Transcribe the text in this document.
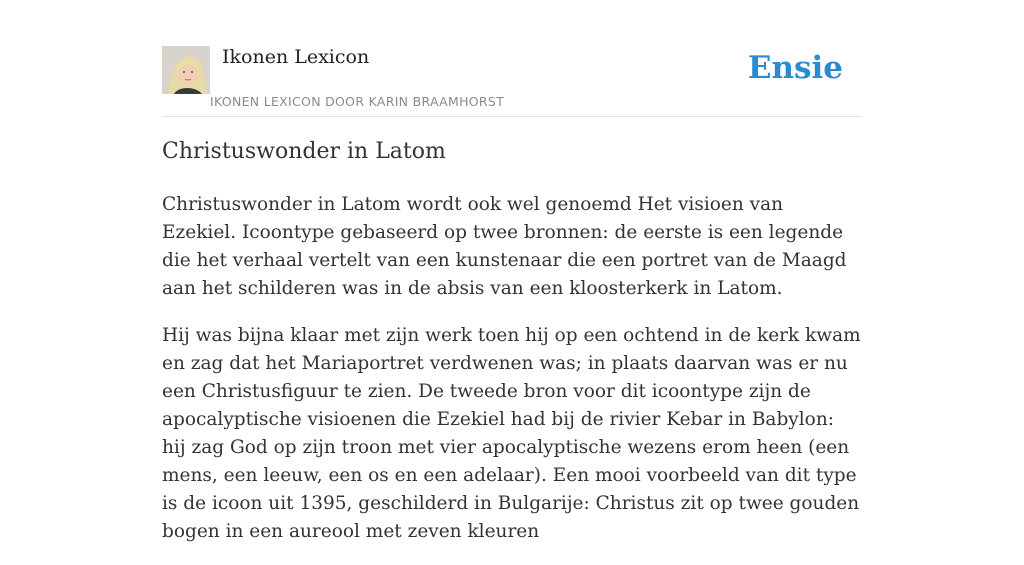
Ikonen Lexicon
IKONEN LEXICON DOOR KARIN BRAAMHORST
Ensie
Christuswonder in Latom

Christuswonder in Latom wordt ook wel genoemd Het visioen van Ezekiel. Icoontype gebaseerd op twee bronnen: de eerste is een legende die het verhaal vertelt van een kunstenaar die een portret van de Maagd aan het schilderen was in de absis van een kloosterkerk in Latom.

Hij was bijna klaar met zijn werk toen hij op een ochtend in de kerk kwam en zag dat het Mariaportret verdwenen was; in plaats daarvan was er nu een Christusfiguur te zien. De tweede bron voor dit icoontype zijn de apocalyptische visioenen die Ezekiel had bij de rivier Kebar in Babylon: hij zag God op zijn troon met vier apocalyptische wezens erom heen (een mens, een leeuw, een os en een adelaar). Een mooi voorbeeld van dit type is de icoon uit 1395, geschilderd in Bulgarije: Christus zit op twee gouden bogen in een aureool met zeven kleuren
